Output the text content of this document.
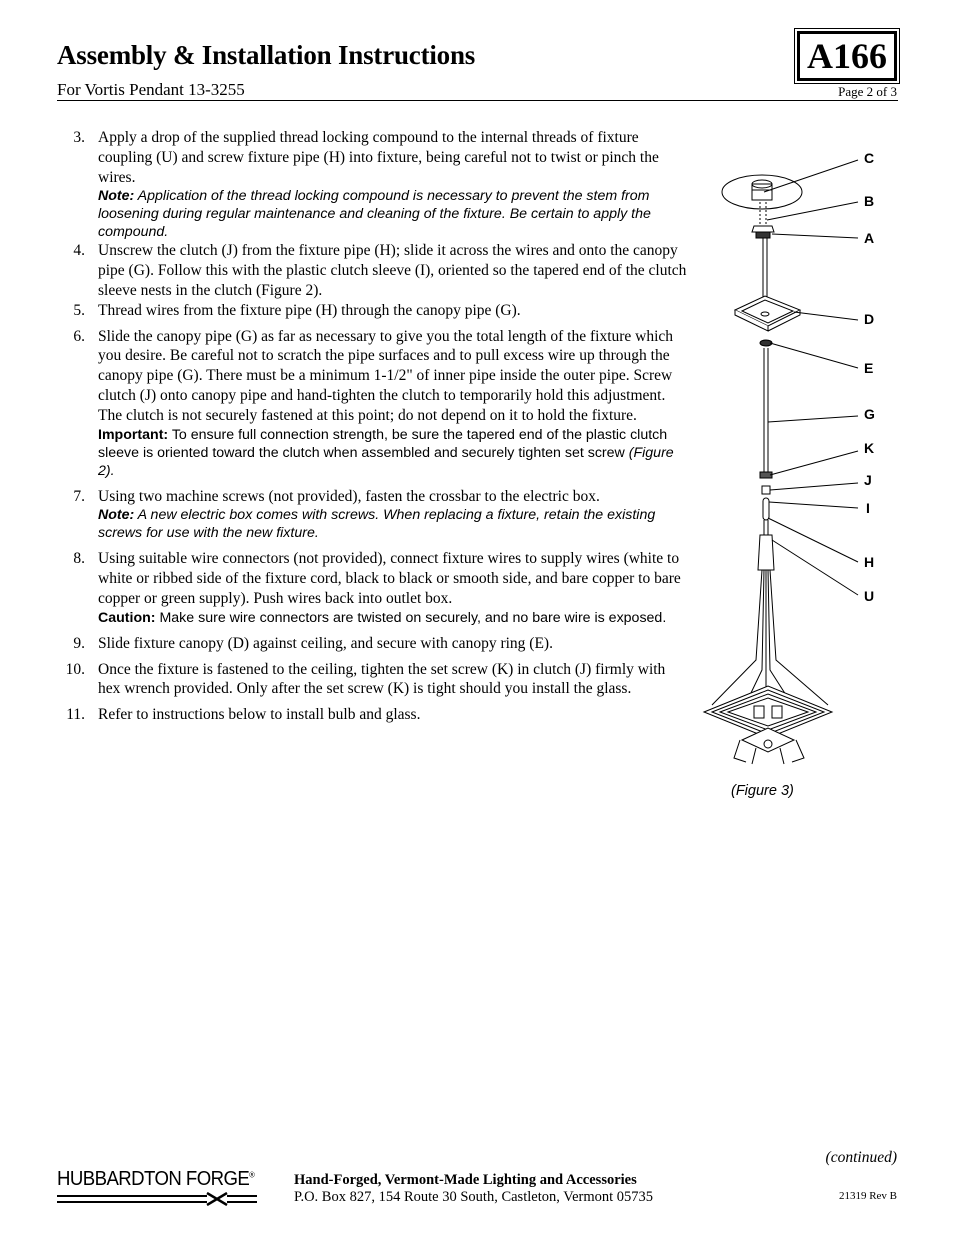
Assembly & Installation Instructions	A166
For Vortis Pendant 13-3255	Page 2 of 3
3. Apply a drop of the supplied thread locking compound to the internal threads of fixture coupling (U) and screw fixture pipe (H) into fixture, being careful not to twist or pinch the wires.
Note: Application of the thread locking compound is necessary to prevent the stem from loosening during regular maintenance and cleaning of the fixture. Be certain to apply the compound.
4. Unscrew the clutch (J) from the fixture pipe (H); slide it across the wires and onto the canopy pipe (G). Follow this with the plastic clutch sleeve (I), oriented so the tapered end of the clutch sleeve nests in the clutch (Figure 2).
5. Thread wires from the fixture pipe (H) through the canopy pipe (G).
6. Slide the canopy pipe (G) as far as necessary to give you the total length of the fixture which you desire. Be careful not to scratch the pipe surfaces and to pull excess wire up through the canopy pipe (G). There must be a minimum 1-1/2" of inner pipe inside the outer pipe. Screw clutch (J) onto canopy pipe and hand-tighten the clutch to temporarily hold this adjustment. The clutch is not securely fastened at this point; do not depend on it to hold the fixture.
Important: To ensure full connection strength, be sure the tapered end of the plastic clutch sleeve is oriented toward the clutch when assembled and securely tighten set screw (Figure 2).
7. Using two machine screws (not provided), fasten the crossbar to the electric box.
Note: A new electric box comes with screws. When replacing a fixture, retain the existing screws for use with the new fixture.
8. Using suitable wire connectors (not provided), connect fixture wires to supply wires (white to white or ribbed side of the fixture cord, black to black or smooth side, and bare copper to bare copper or green supply). Push wires back into outlet box.
Caution: Make sure wire connectors are twisted on securely, and no bare wire is exposed.
9. Slide fixture canopy (D) against ceiling, and secure with canopy ring (E).
10. Once the fixture is fastened to the ceiling, tighten the set screw (K) in clutch (J) firmly with hex wrench provided. Only after the set screw (K) is tight should you install the glass.
11. Refer to instructions below to install bulb and glass.
C
B
A
D
E
G
K
J
I
H
U
(Figure 3)
(continued)
HUBBARDTON FORGE®	Hand-Forged, Vermont-Made Lighting and Accessories
P.O. Box 827, 154 Route 30 South, Castleton, Vermont 05735	21319 Rev B
